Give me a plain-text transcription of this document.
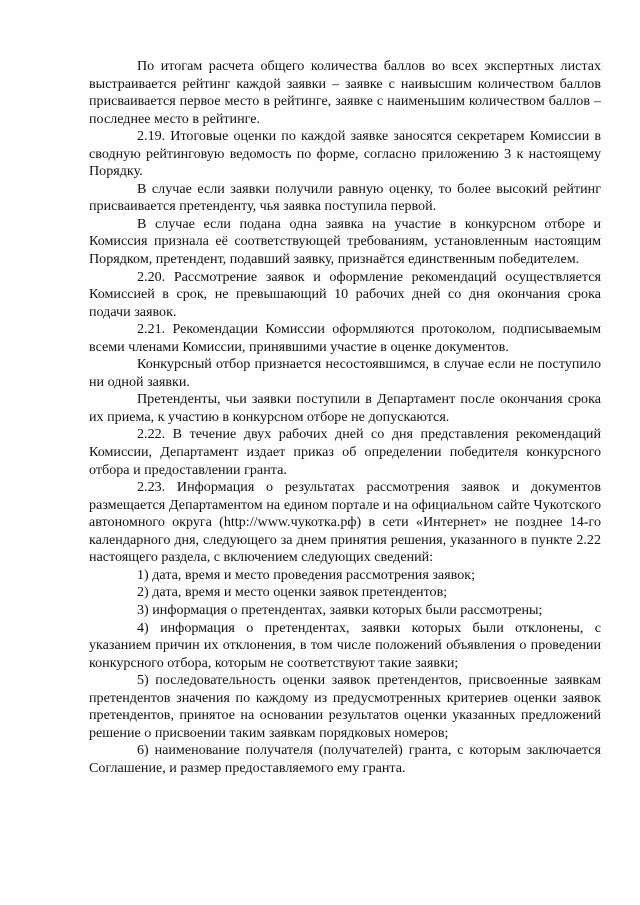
По итогам расчета общего количества баллов во всех экспертных листах выстраивается рейтинг каждой заявки – заявке с наивысшим количеством баллов присваивается первое место в рейтинге, заявке с наименьшим количеством баллов – последнее место в рейтинге.

2.19. Итоговые оценки по каждой заявке заносятся секретарем Комиссии в сводную рейтинговую ведомость по форме, согласно приложению 3 к настоящему Порядку.

В случае если заявки получили равную оценку, то более высокий рейтинг присваивается претенденту, чья заявка поступила первой.

В случае если подана одна заявка на участие в конкурсном отборе и Комиссия признала её соответствующей требованиям, установленным настоящим Порядком, претендент, подавший заявку, признаётся единственным победителем.

2.20. Рассмотрение заявок и оформление рекомендаций осуществляется Комиссией в срок, не превышающий 10 рабочих дней со дня окончания срока подачи заявок.

2.21. Рекомендации Комиссии оформляются протоколом, подписываемым всеми членами Комиссии, принявшими участие в оценке документов.

Конкурсный отбор признается несостоявшимся, в случае если не поступило ни одной заявки.

Претенденты, чьи заявки поступили в Департамент после окончания срока их приема, к участию в конкурсном отборе не допускаются.

2.22. В течение двух рабочих дней со дня представления рекомендаций Комиссии, Департамент издает приказ об определении победителя конкурсного отбора и предоставлении гранта.

2.23. Информация о результатах рассмотрения заявок и документов размещается Департаментом на едином портале и на официальном сайте Чукотского автономного округа (http://www.чукотка.рф) в сети «Интернет» не позднее 14-го календарного дня, следующего за днем принятия решения, указанного в пункте 2.22 настоящего раздела, с включением следующих сведений:

1) дата, время и место проведения рассмотрения заявок;

2) дата, время и место оценки заявок претендентов;

3) информация о претендентах, заявки которых были рассмотрены;

4) информация о претендентах, заявки которых были отклонены, с указанием причин их отклонения, в том числе положений объявления о проведении конкурсного отбора, которым не соответствуют такие заявки;

5) последовательность оценки заявок претендентов, присвоенные заявкам претендентов значения по каждому из предусмотренных критериев оценки заявок претендентов, принятое на основании результатов оценки указанных предложений решение о присвоении таким заявкам порядковых номеров;

6) наименование получателя (получателей) гранта, с которым заключается Соглашение, и размер предоставляемого ему гранта.
